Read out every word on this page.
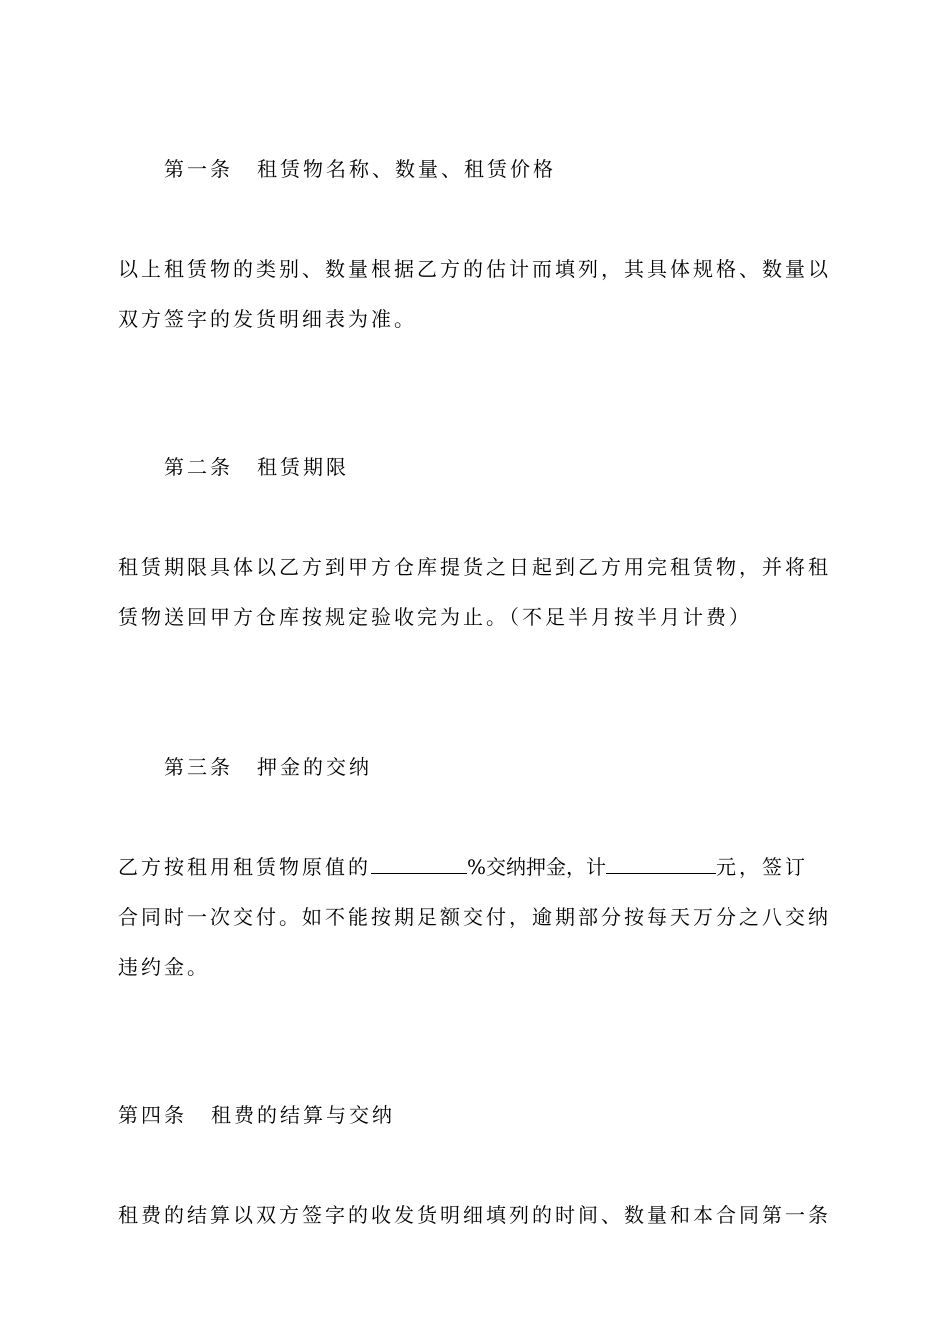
第一条 租赁物名称、数量、租赁价格
以上租赁物的类别、数量根据乙方的估计而填列，其具体规格、数量以
双方签字的发货明细表为准。
第二条 租赁期限
租赁期限具体以乙方到甲方仓库提货之日起到乙方用完租赁物，并将租
赁物送回甲方仓库按规定验收完为止。（不足半月按半月计费）
第三条 押金的交纳
乙方按租用租赁物原值的	%交纳押金，计	元，签订
合同时一次交付。如不能按期足额交付，逾期部分按每天万分之八交纳
违约金。
第四条 租费的结算与交纳
租费的结算以双方签字的收发货明细填列的时间、数量和本合同第一条
